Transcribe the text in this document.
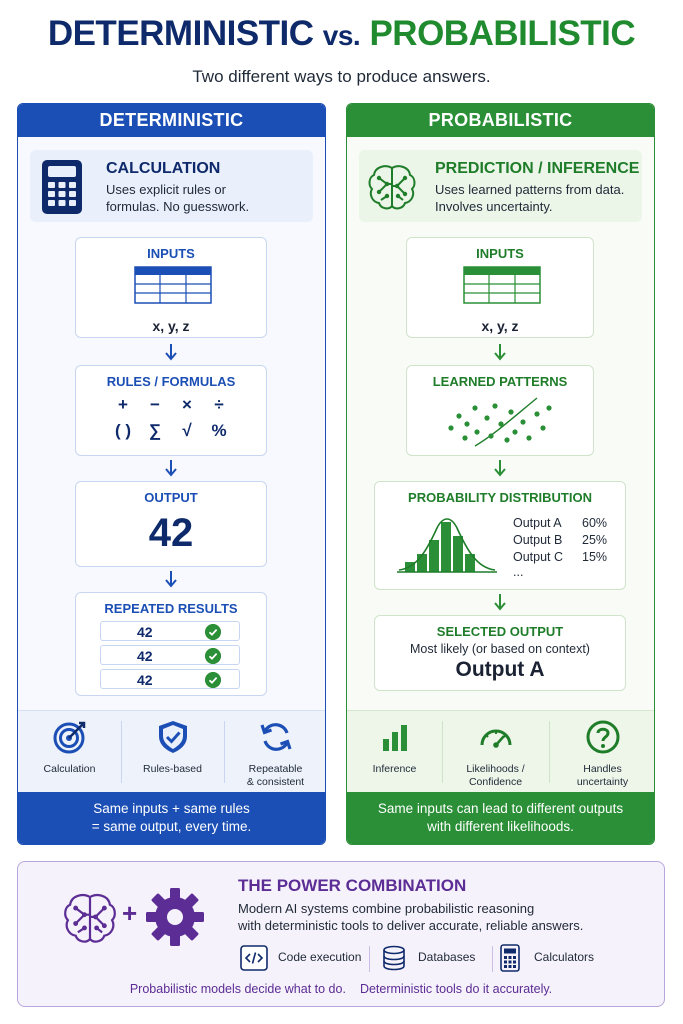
DETERMINISTIC vs. PROBABILISTIC
Two different ways to produce answers.
DETERMINISTIC
CALCULATION
Uses explicit rules or
formulas. No guesswork.
INPUTS
x, y, z
RULES / FORMULAS
+	−	×	÷
( )	∑	√	%
OUTPUT
42
REPEATED RESULTS
42
42
42
Calculation	Rules-based	Repeatable
& consistent
Same inputs + same rules
= same output, every time.
PROBABILISTIC
PREDICTION / INFERENCE
Uses learned patterns from data.
Involves uncertainty.
INPUTS
x, y, z
LEARNED PATTERNS
PROBABILITY DISTRIBUTION
Output A 60%
Output B 25%
Output C 15%
...
SELECTED OUTPUT
Most likely (or based on context)
Output A
Inference	Likelihoods /
Confidence
Handles
uncertainty
Same inputs can lead to different outputs
with different likelihoods.
+
THE POWER COMBINATION
Modern AI systems combine probabilistic reasoning
with deterministic tools to deliver accurate, reliable answers.
Code execution	Databases	Calculators
Probabilistic models decide what to do. Deterministic tools do it accurately.
